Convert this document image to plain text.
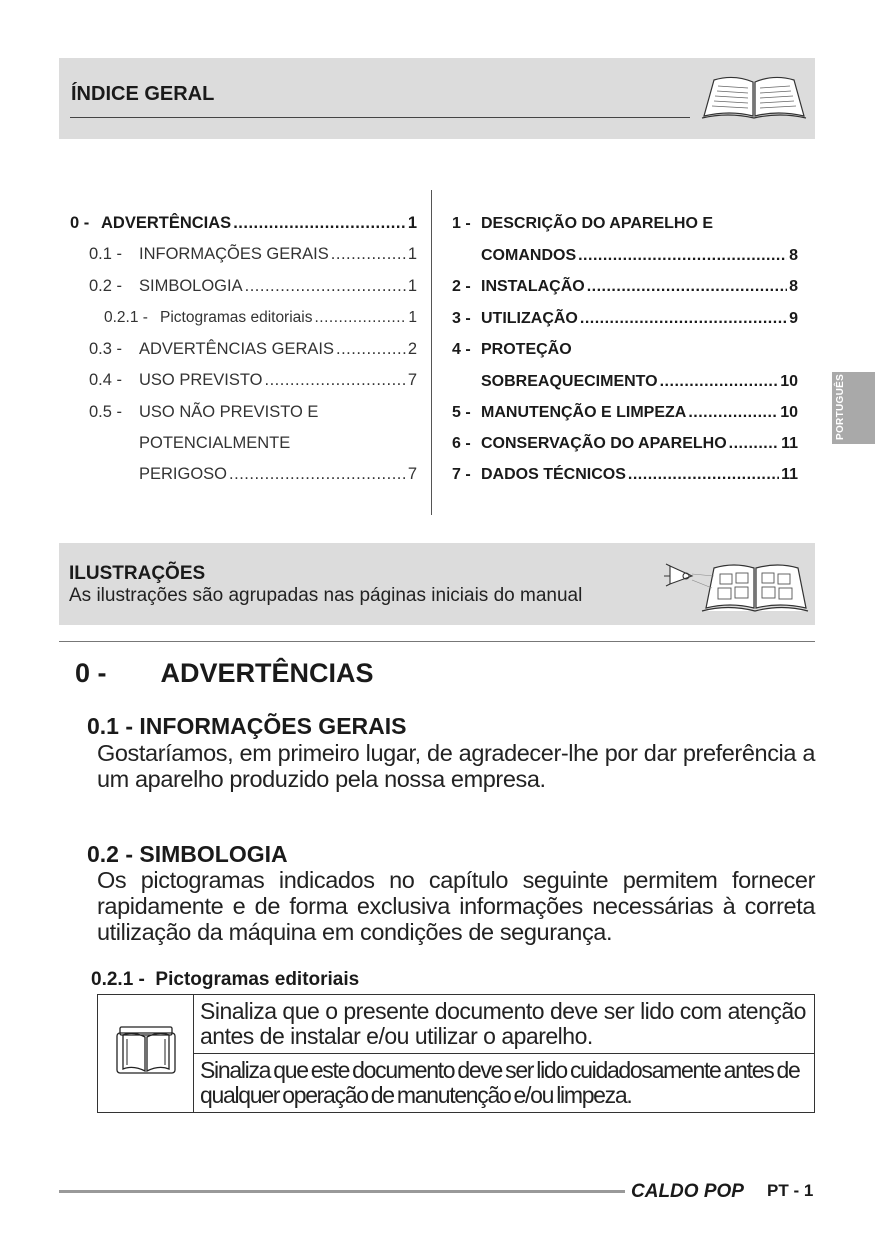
ÍNDICE GERAL
0 - ADVERTÊNCIAS .....	1
0.1 -	INFORMAÇÕES GERAIS .....	1
0.2 -	SIMBOLOGIA .....	1
0.2.1 - Pictogramas editoriais .....	1
0.3 -	ADVERTÊNCIAS GERAIS .....	2
0.4 -	USO PREVISTO .....	7
0.5 -	USO NÃO PREVISTO E
POTENCIALMENTE
PERIGOSO .....	7
1 - DESCRIÇÃO DO APARELHO E
COMANDOS .....	8
2 - INSTALAÇÃO .....	8
3 - UTILIZAÇÃO .....	9
4 - PROTEÇÃO
SOBREAQUECIMENTO .....	10
5 - MANUTENÇÃO E LIMPEZA .....	10
6 - CONSERVAÇÃO DO APARELHO .....	11
7 - DADOS TÉCNICOS .....	11
PORTUGUÊS
ILUSTRAÇÕES
As ilustrações são agrupadas nas páginas iniciais do manual
0 - ADVERTÊNCIAS
0.1 - INFORMAÇÕES GERAIS
Gostaríamos, em primeiro lugar, de agradecer-lhe por dar preferência a um aparelho produzido pela nossa empresa.
0.2 - SIMBOLOGIA
Os pictogramas indicados no capítulo seguinte permitem fornecer rapidamente e de forma exclusiva informações necessárias à correta utilização da máquina em condições de segurança.
0.2.1 -  Pictogramas editoriais
	Sinaliza que o presente documento deve ser lido com atenção antes de instalar e/ou utilizar o aparelho.
Sinaliza que este documento deve ser lido cuidadosamente antes de qualquer operação de manutenção e/ou limpeza.
CALDO POP PT - 1
